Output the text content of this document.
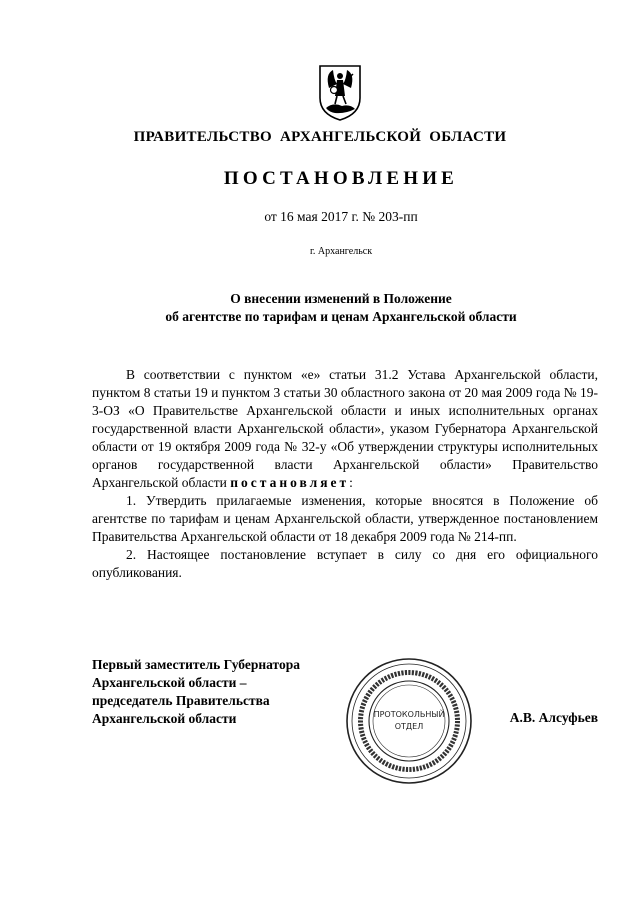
ПРАВИТЕЛЬСТВО АРХАНГЕЛЬСКОЙ ОБЛАСТИ
ПОСТАНОВЛЕНИЕ
от 16 мая 2017 г. № 203-пп
г. Архангельск
О внесении изменений в Положение
об агентстве по тарифам и ценам Архангельской области

В соответствии с пунктом «е» статьи 31.2 Устава Архангельской области, пунктом 8 статьи 19 и пунктом 3 статьи 30 областного закона от 20 мая 2009 года № 19-3-ОЗ «О Правительстве Архангельской области и иных исполнительных органах государственной власти Архангельской области», указом Губернатора Архангельской области от 19 октября 2009 года № 32-у «Об утверждении структуры исполнительных органов государственной власти Архангельской области» Правительство Архангельской области постановляет:

1. Утвердить прилагаемые изменения, которые вносятся в Положение об агентстве по тарифам и ценам Архангельской области, утвержденное постановлением Правительства Архангельской области от 18 декабря 2009 года № 214-пп.

2. Настоящее постановление вступает в силу со дня его официального опубликования.

Первый заместитель Губернатора
Архангельской области –
председатель Правительства
Архангельской области	ПРОТОКОЛЬНЫЙ
ОТДЕЛ
А.В. Алсуфьев
